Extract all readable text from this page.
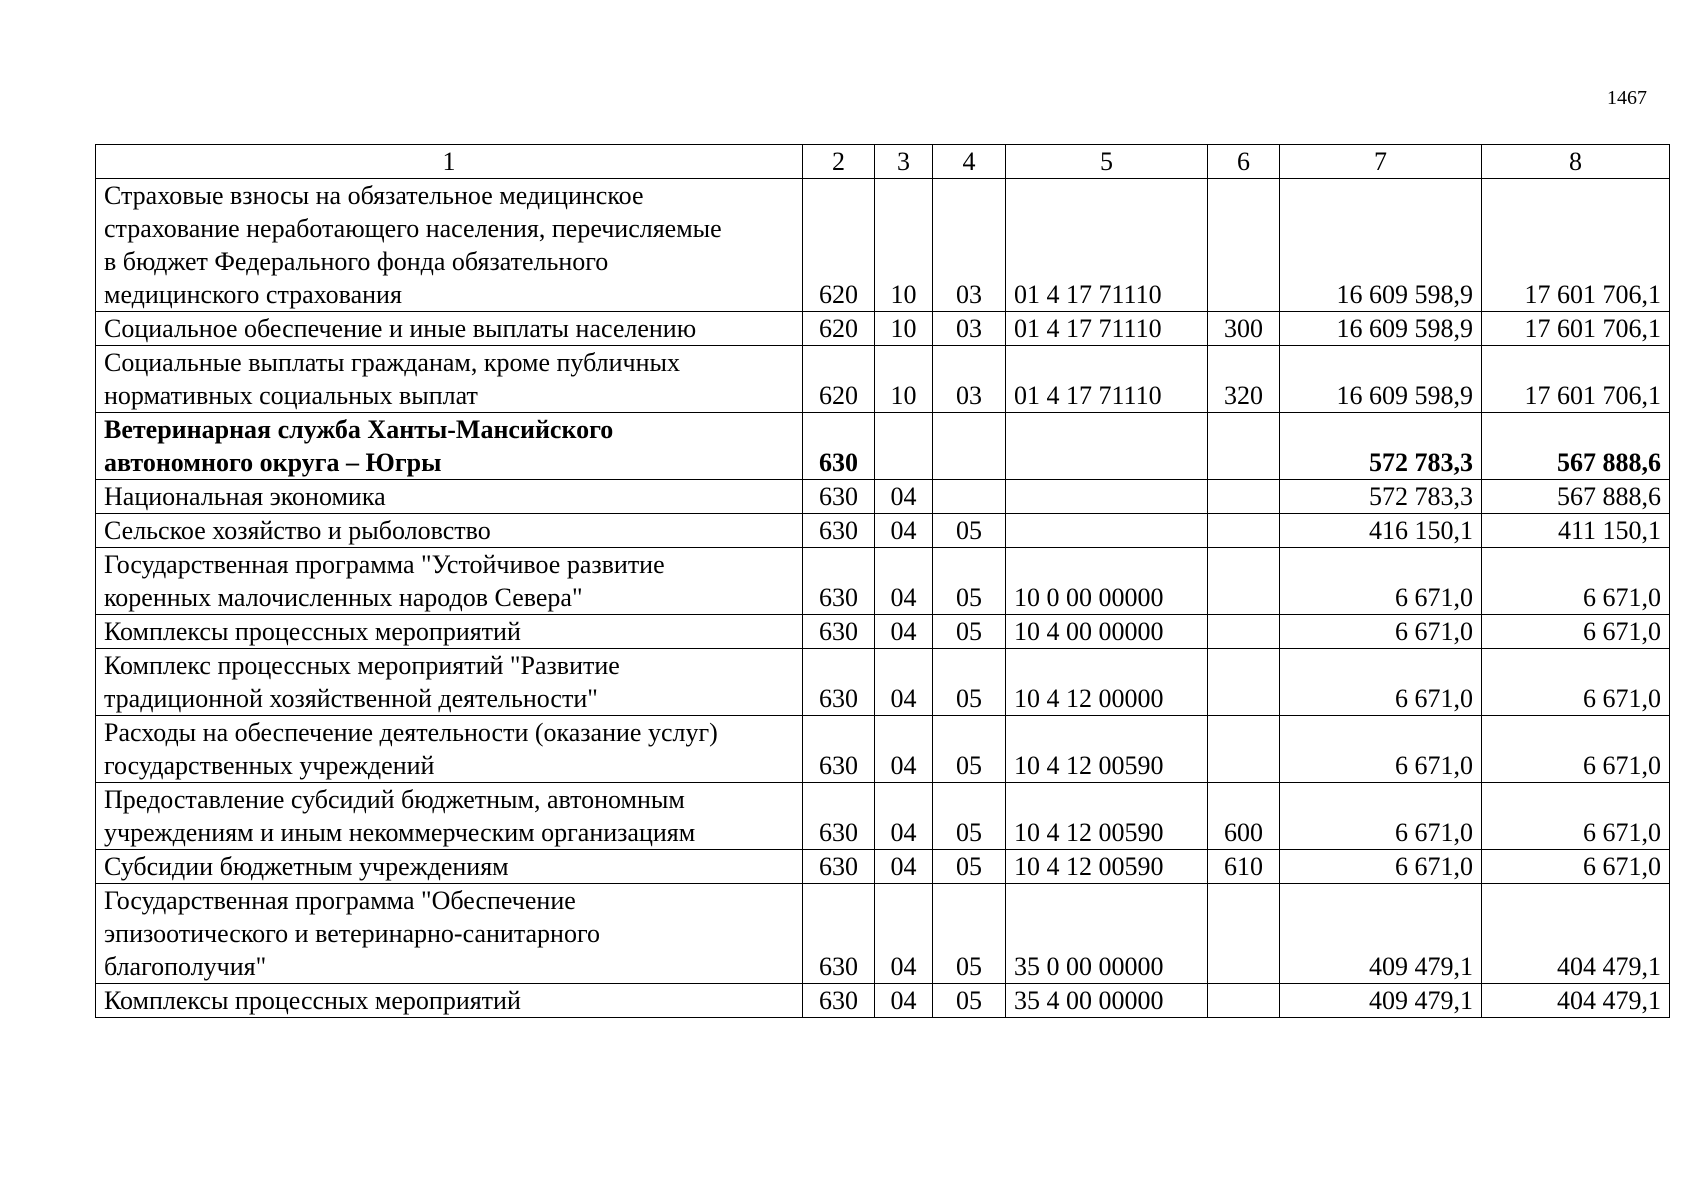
1467
1	2	3	4	5	6	7	8

Страховые взносы на обязательное медицинское
страхование неработающего населения, перечисляемые
в бюджет Федерального фонда обязательного
медицинского страхования	620	10	03	01 4 17 71110		16 609 598,9	17 601 706,1

Социальное обеспечение и иные выплаты населению	620	10	03	01 4 17 71110	300	16 609 598,9	17 601 706,1

Социальные выплаты гражданам, кроме публичных
нормативных социальных выплат	620	10	03	01 4 17 71110	320	16 609 598,9	17 601 706,1

Ветеринарная служба Ханты-Мансийского
автономного округа – Югры	630					572 783,3	567 888,6

Национальная экономика	630	04				572 783,3	567 888,6

Сельское хозяйство и рыболовство	630	04	05			416 150,1	411 150,1

Государственная программа "Устойчивое развитие
коренных малочисленных народов Севера"	630	04	05	10 0 00 00000		6 671,0	6 671,0

Комплексы процессных мероприятий	630	04	05	10 4 00 00000		6 671,0	6 671,0

Комплекс процессных мероприятий "Развитие
традиционной хозяйственной деятельности"	630	04	05	10 4 12 00000		6 671,0	6 671,0

Расходы на обеспечение деятельности (оказание услуг)
государственных учреждений	630	04	05	10 4 12 00590		6 671,0	6 671,0

Предоставление субсидий бюджетным, автономным
учреждениям и иным некоммерческим организациям	630	04	05	10 4 12 00590	600	6 671,0	6 671,0

Субсидии бюджетным учреждениям	630	04	05	10 4 12 00590	610	6 671,0	6 671,0

Государственная программа "Обеспечение
эпизоотического и ветеринарно-санитарного
благополучия"	630	04	05	35 0 00 00000		409 479,1	404 479,1

Комплексы процессных мероприятий	630	04	05	35 4 00 00000		409 479,1	404 479,1
